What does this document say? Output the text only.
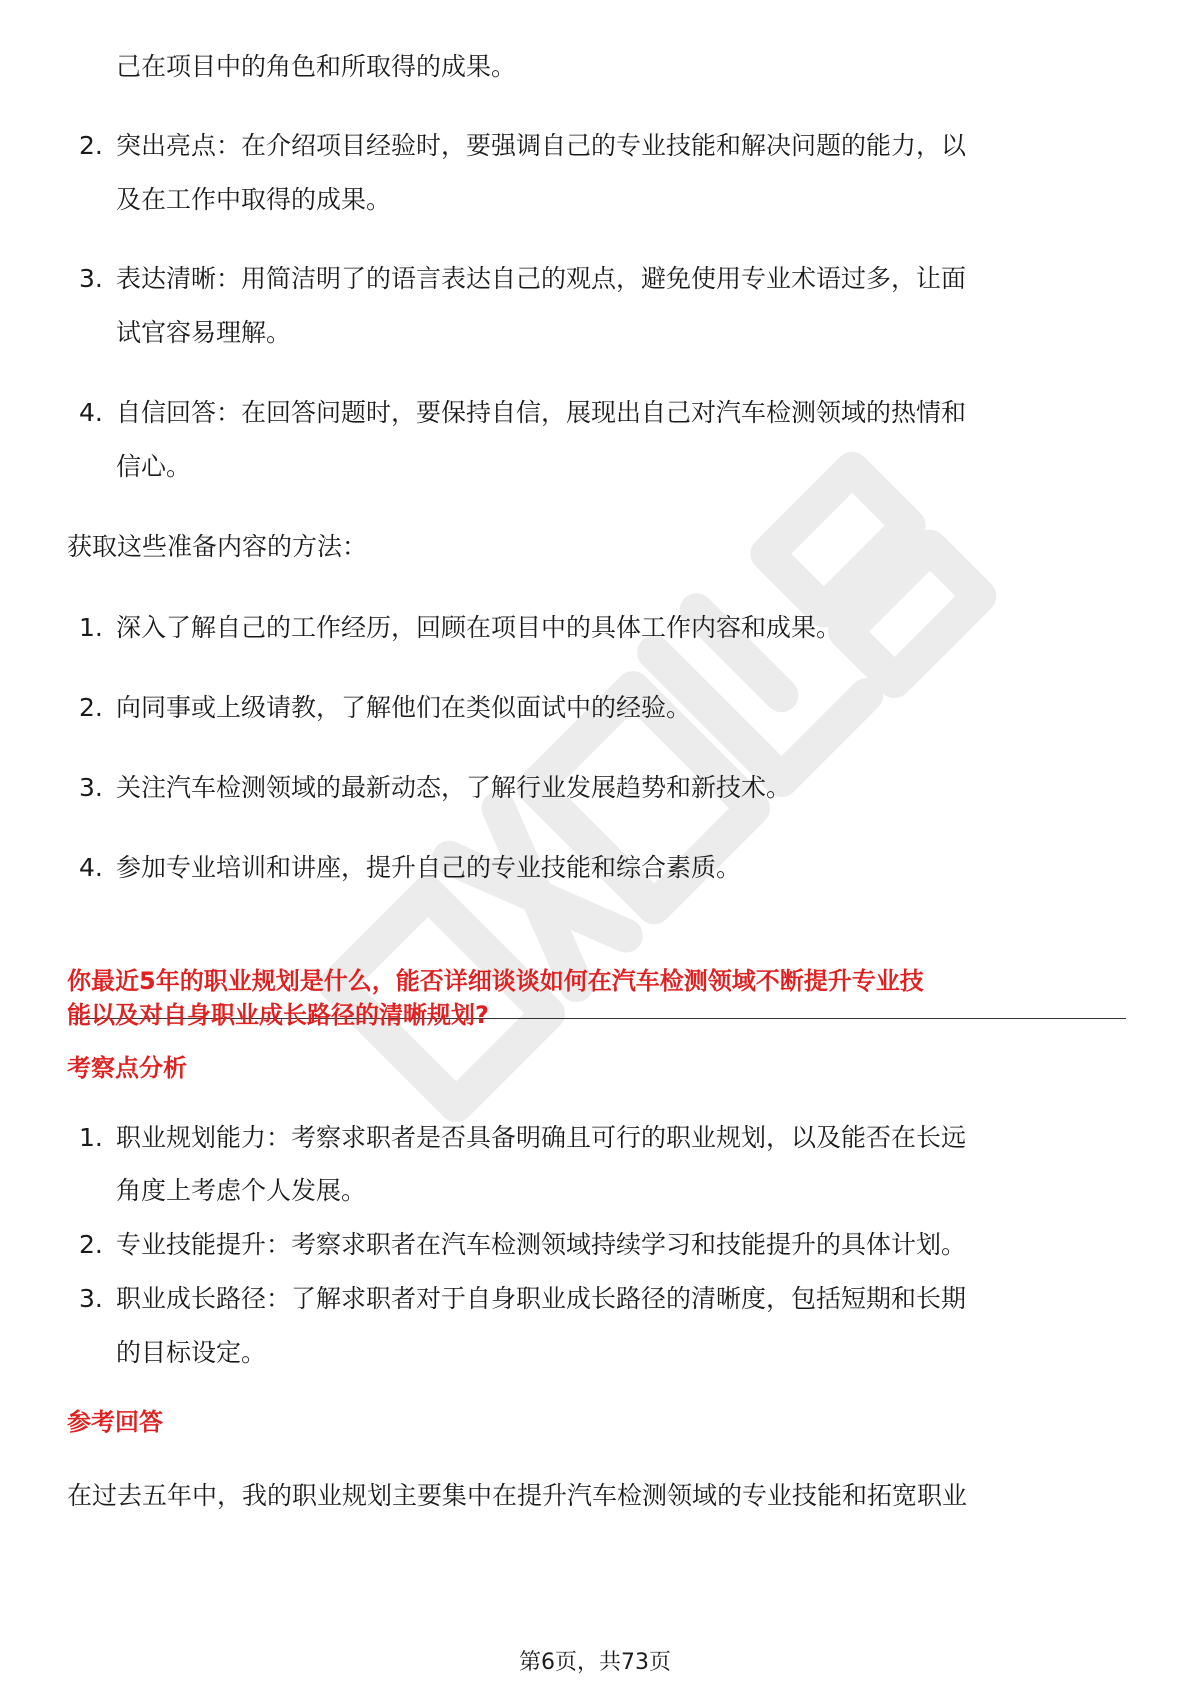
己在项目中的角色和所取得的成果。
2. 突出亮点：在介绍项目经验时，要强调自己的专业技能和解决问题的能力，以
及在工作中取得的成果。
3. 表达清晰：用简洁明了的语言表达自己的观点，避免使用专业术语过多，让面
试官容易理解。
4. 自信回答：在回答问题时，要保持自信，展现出自己对汽车检测领域的热情和
信心。
获取这些准备内容的方法：
1. 深入了解自己的工作经历，回顾在项目中的具体工作内容和成果。
2. 向同事或上级请教，了解他们在类似面试中的经验。
3. 关注汽车检测领域的最新动态，了解行业发展趋势和新技术。
4. 参加专业培训和讲座，提升自己的专业技能和综合素质。
你最近5年的职业规划是什么，能否详细谈谈如何在汽车检测领域不断提升专业技
能以及对自身职业成长路径的清晰规划?
考察点分析
1. 职业规划能力：考察求职者是否具备明确且可行的职业规划，以及能否在长远
角度上考虑个人发展。
2. 专业技能提升：考察求职者在汽车检测领域持续学习和技能提升的具体计划。
3. 职业成长路径：了解求职者对于自身职业成长路径的清晰度，包括短期和长期
的目标设定。
参考回答
在过去五年中，我的职业规划主要集中在提升汽车检测领域的专业技能和拓宽职业
第6页，共73页
